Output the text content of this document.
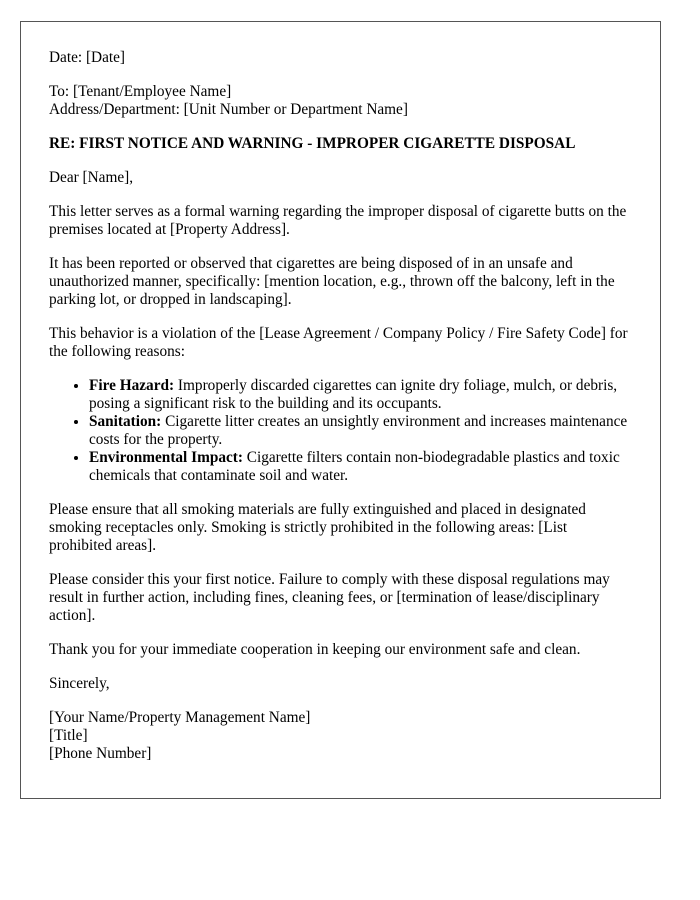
Date: [Date]

To: [Tenant/Employee Name]

Address/Department: [Unit Number or Department Name]

RE: FIRST NOTICE AND WARNING - IMPROPER CIGARETTE DISPOSAL

Dear [Name],

This letter serves as a formal warning regarding the improper disposal of cigarette butts on the premises located at [Property Address].

It has been reported or observed that cigarettes are being disposed of in an unsafe and unauthorized manner, specifically: [mention location, e.g., thrown off the balcony, left in the parking lot, or dropped in landscaping].

This behavior is a violation of the [Lease Agreement / Company Policy / Fire Safety Code] for the following reasons:

• Fire Hazard: Improperly discarded cigarettes can ignite dry foliage, mulch, or debris, posing a significant risk to the building and its occupants.
• Sanitation: Cigarette litter creates an unsightly environment and increases maintenance costs for the property.
• Environmental Impact: Cigarette filters contain non-biodegradable plastics and toxic chemicals that contaminate soil and water.

Please ensure that all smoking materials are fully extinguished and placed in designated smoking receptacles only. Smoking is strictly prohibited in the following areas: [List prohibited areas].

Please consider this your first notice. Failure to comply with these disposal regulations may result in further action, including fines, cleaning fees, or [termination of lease/disciplinary action].

Thank you for your immediate cooperation in keeping our environment safe and clean.

Sincerely,

[Your Name/Property Management Name]

[Title]

[Phone Number]
